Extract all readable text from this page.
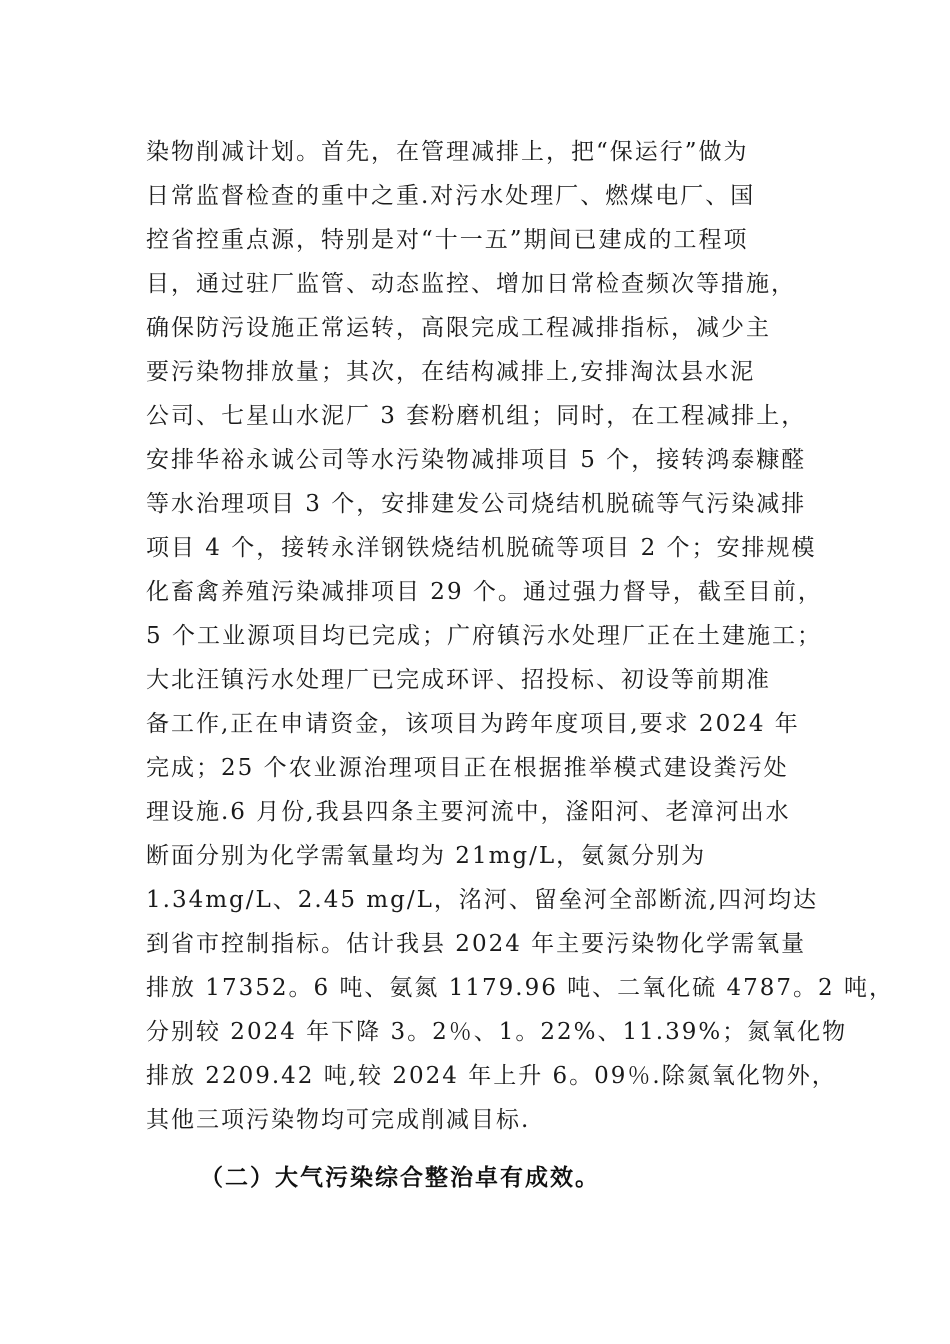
染物削减计划。首先，在管理减排上，把“保运行”做为
日常监督检查的重中之重.对污水处理厂、燃煤电厂、国
控省控重点源，特别是对“十一五”期间已建成的工程项
目，通过驻厂监管、动态监控、增加日常检查频次等措施，
确保防污设施正常运转，高限完成工程减排指标，减少主
要污染物排放量；其次，在结构减排上,安排淘汰县水泥
公司、七星山水泥厂 3 套粉磨机组；同时，在工程减排上，
安排华裕永诚公司等水污染物减排项目 5 个，接转鸿泰糠醛
等水治理项目 3 个，安排建发公司烧结机脱硫等气污染减排
项目 4 个，接转永洋钢铁烧结机脱硫等项目 2 个；安排规模
化畜禽养殖污染减排项目 29 个。通过强力督导，截至目前，
5 个工业源项目均已完成；广府镇污水处理厂正在土建施工；
大北汪镇污水处理厂已完成环评、招投标、初设等前期准
备工作,正在申请资金，该项目为跨年度项目,要求 2024 年
完成；25 个农业源治理项目正在根据推举模式建设粪污处
理设施.6 月份,我县四条主要河流中，滏阳河、老漳河出水
断面分别为化学需氧量均为 21mg/L，氨氮分别为
1.34mg/L、2.45 mg/L，洺河、留垒河全部断流,四河均达
到省市控制指标。估计我县 2024 年主要污染物化学需氧量
排放 17352。6 吨、氨氮 1179.96 吨、二氧化硫 4787。2 吨，
分别较 2024 年下降 3。2％、1。22%、11.39%；氮氧化物
排放 2209.42 吨,较 2024 年上升 6。09％.除氮氧化物外，
其他三项污染物均可完成削减目标.
（二）大气污染综合整治卓有成效。
